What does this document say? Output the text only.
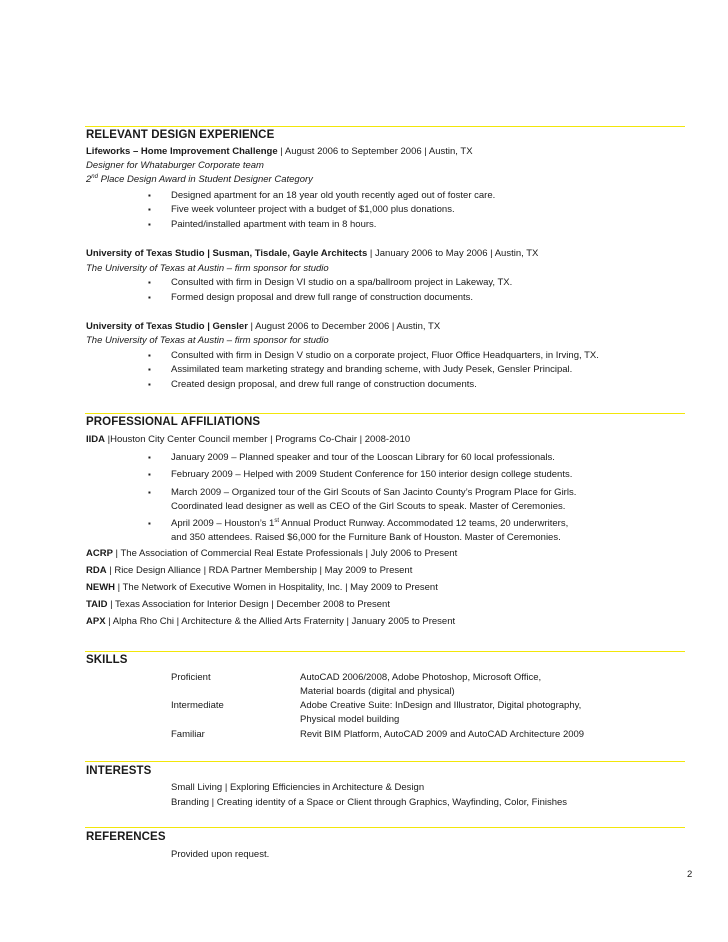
RELEVANT DESIGN EXPERIENCE
Lifeworks – Home Improvement Challenge | August 2006 to September 2006 | Austin, TX
Designer for Whataburger Corporate team
2nd Place Design Award in Student Designer Category
▪ Designed apartment for an 18 year old youth recently aged out of foster care.
▪ Five week volunteer project with a budget of $1,000 plus donations.
▪ Painted/installed apartment with team in 8 hours.
University of Texas Studio | Susman, Tisdale, Gayle Architects | January 2006 to May 2006 | Austin, TX
The University of Texas at Austin – firm sponsor for studio
▪ Consulted with firm in Design VI studio on a spa/ballroom project in Lakeway, TX.
▪ Formed design proposal and drew full range of construction documents.
University of Texas Studio | Gensler | August 2006 to December 2006 | Austin, TX
The University of Texas at Austin – firm sponsor for studio
▪ Consulted with firm in Design V studio on a corporate project, Fluor Office Headquarters, in Irving, TX.
▪ Assimilated team marketing strategy and branding scheme, with Judy Pesek, Gensler Principal.
▪ Created design proposal, and drew full range of construction documents.
PROFESSIONAL AFFILIATIONS
IIDA |Houston City Center Council member | Programs Co-Chair | 2008-2010
▪ January 2009 – Planned speaker and tour of the Looscan Library for 60 local professionals.
▪ February 2009 – Helped with 2009 Student Conference for 150 interior design college students.
▪ March 2009 – Organized tour of the Girl Scouts of San Jacinto County’s Program Place for Girls.
Coordinated lead designer as well as CEO of the Girl Scouts to speak. Master of Ceremonies.
▪ April 2009 – Houston’s 1st Annual Product Runway. Accommodated 12 teams, 20 underwriters,
and 350 attendees. Raised $6,000 for the Furniture Bank of Houston. Master of Ceremonies.
ACRP | The Association of Commercial Real Estate Professionals | July 2006 to Present
RDA | Rice Design Alliance | RDA Partner Membership | May 2009 to Present
NEWH | The Network of Executive Women in Hospitality, Inc. | May 2009 to Present
TAID | Texas Association for Interior Design | December 2008 to Present
APX | Alpha Rho Chi | Architecture & the Allied Arts Fraternity | January 2005 to Present
SKILLS
Proficient	AutoCAD 2006/2008, Adobe Photoshop, Microsoft Office,
Material boards (digital and physical)
Intermediate	Adobe Creative Suite: InDesign and Illustrator, Digital photography,
Physical model building
Familiar	Revit BIM Platform, AutoCAD 2009 and AutoCAD Architecture 2009
INTERESTS
Small Living | Exploring Efficiencies in Architecture & Design
Branding | Creating identity of a Space or Client through Graphics, Wayfinding, Color, Finishes
REFERENCES
Provided upon request.
2
